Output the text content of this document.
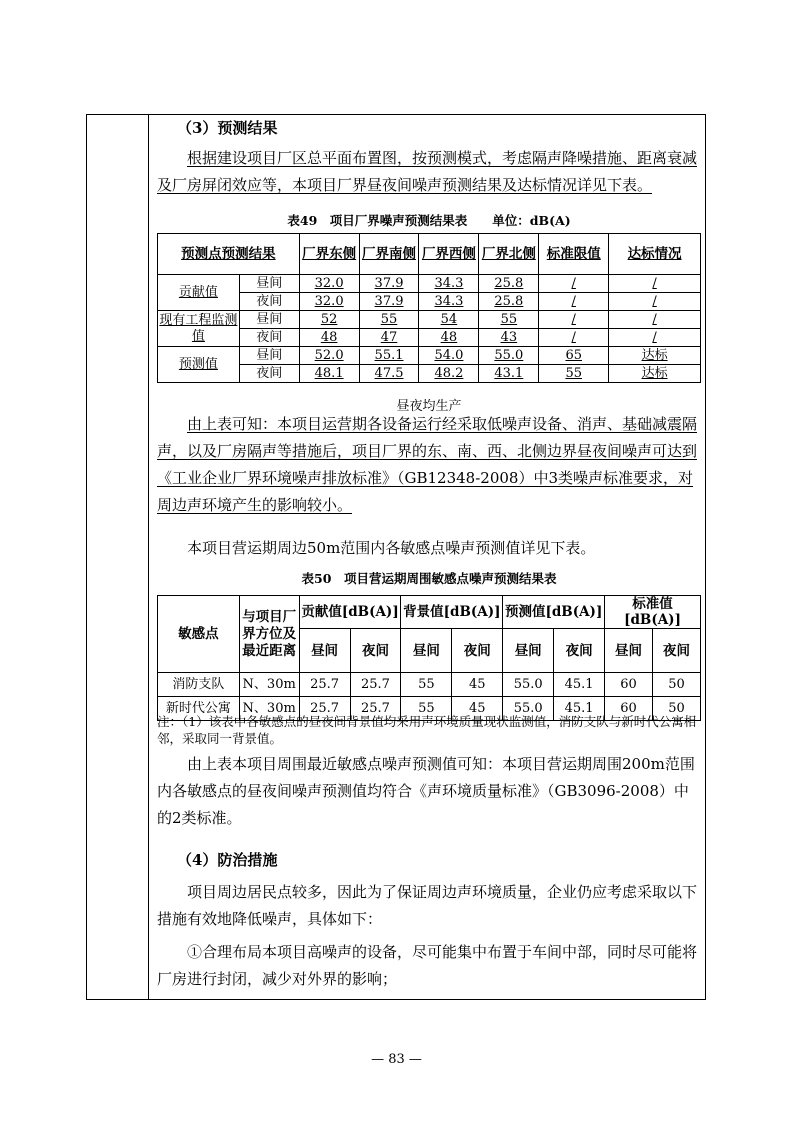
（3）预测结果

根据建设项目厂区总平面布置图，按预测模式，考虑隔声降噪措施、距离衰减及厂房屏闭效应等，本项目厂界昼夜间噪声预测结果及达标情况详见下表。

表49　项目厂界噪声预测结果表　　单位：dB(A)
预测点预测结果		厂界东侧	厂界南侧	厂界西侧	厂界北侧	标准限值	达标情况
贡献值	昼间	32.0	37.9	34.3	25.8	/	/
	夜间	32.0	37.9	34.3	25.8	/	/
现有工程监测值	昼间	52	55	54	55	/	/
	夜间	48	47	48	43	/	/
预测值	昼间	52.0	55.1	54.0	55.0	65	达标
	夜间	48.1	47.5	48.2	43.1	55	达标
昼夜均生产

由上表可知：本项目运营期各设备运行经采取低噪声设备、消声、基础减震隔声，以及厂房隔声等措施后，项目厂界的东、南、西、北侧边界昼夜间噪声可达到《工业企业厂界环境噪声排放标准》（GB12348-2008）中3类噪声标准要求，对周边声环境产生的影响较小。

本项目营运期周边50m范围内各敏感点噪声预测值详见下表。

表50　项目营运期周围敏感点噪声预测结果表
敏感点	与项目厂界方位及最近距离	贡献值[dB(A)]		背景值[dB(A)]		预测值[dB(A)]		标准值[dB(A)]	
		昼间	夜间	昼间	夜间	昼间	夜间	昼间	夜间
消防支队	N、30m	25.7	25.7	55	45	55.0	45.1	60	50
新时代公寓	N、30m	25.7	25.7	55	45	55.0	45.1	60	50
注：（1）该表中各敏感点的昼夜间背景值均采用声环境质量现状监测值，消防支队与新时代公寓相邻，采取同一背景值。

由上表本项目周围最近敏感点噪声预测值可知：本项目营运期周围200m范围内各敏感点的昼夜间噪声预测值均符合《声环境质量标准》（GB3096-2008）中的2类标准。

（4）防治措施

项目周边居民点较多，因此为了保证周边声环境质量，企业仍应考虑采取以下措施有效地降低噪声，具体如下：

①合理布局本项目高噪声的设备，尽可能集中布置于车间中部，同时尽可能将厂房进行封闭，减少对外界的影响；

— 83 —
